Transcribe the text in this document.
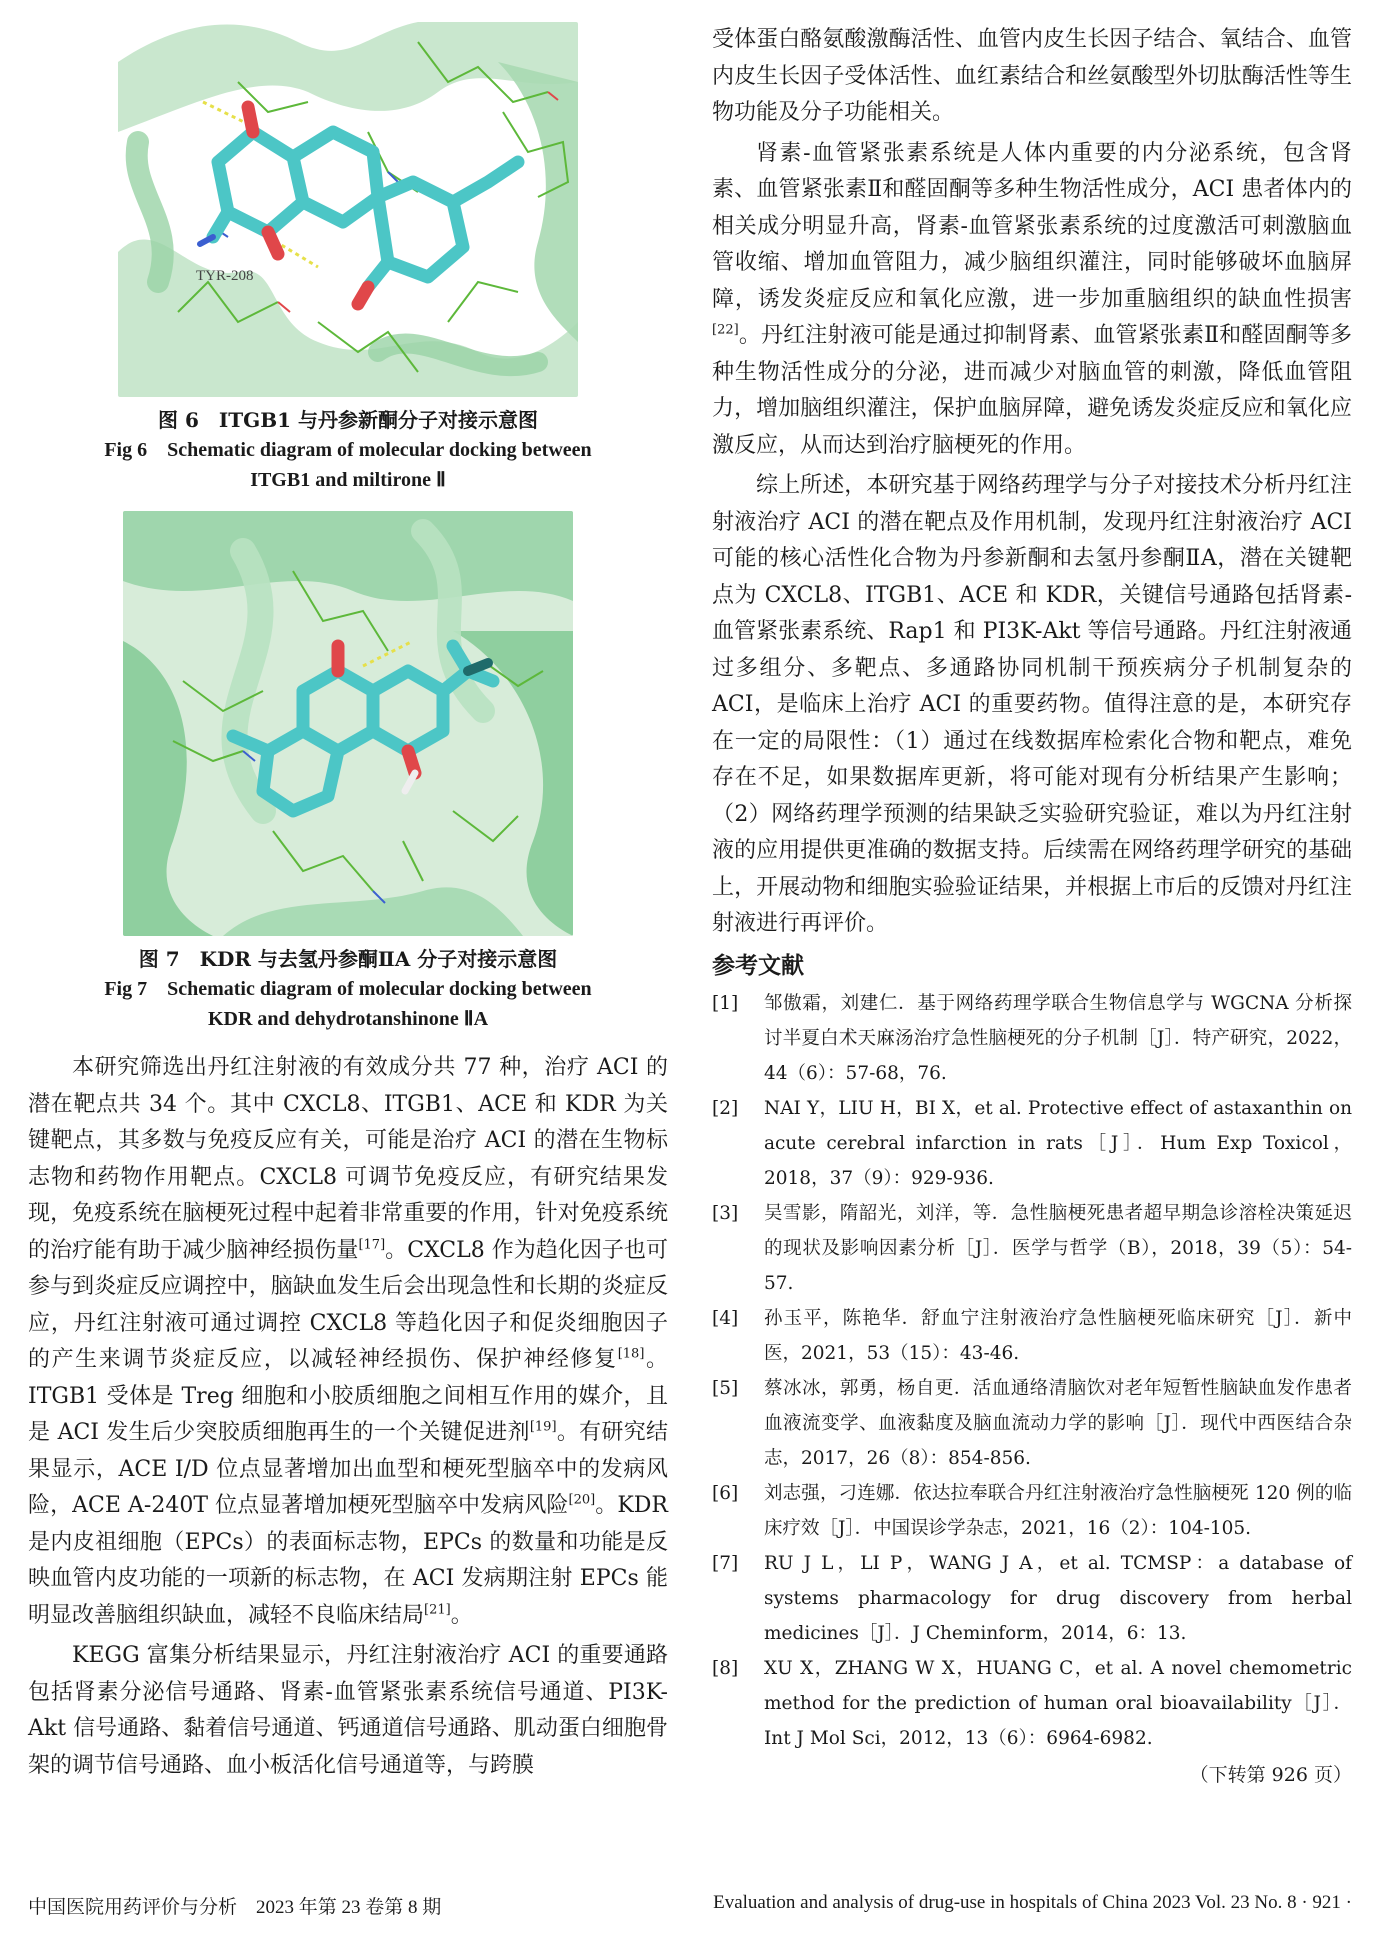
TYR-208
图 6　ITGB1 与丹参新酮分子对接示意图
Fig 6　Schematic diagram of molecular docking between
ITGB1 and miltirone Ⅱ
图 7　KDR 与去氢丹参酮ⅡA 分子对接示意图
Fig 7　Schematic diagram of molecular docking between
KDR and dehydrotanshinone ⅡA

本研究筛选出丹红注射液的有效成分共 77 种，治疗 ACI 的潜在靶点共 34 个。其中 CXCL8、ITGB1、ACE 和 KDR 为关键靶点，其多数与免疫反应有关，可能是治疗 ACI 的潜在生物标志物和药物作用靶点。CXCL8 可调节免疫反应，有研究结果发现，免疫系统在脑梗死过程中起着非常重要的作用，针对免疫系统的治疗能有助于减少脑神经损伤量[17]。CXCL8 作为趋化因子也可参与到炎症反应调控中，脑缺血发生后会出现急性和长期的炎症反应，丹红注射液可通过调控 CXCL8 等趋化因子和促炎细胞因子的产生来调节炎症反应，以减轻神经损伤、保护神经修复[18]。ITGB1 受体是 Treg 细胞和小胶质细胞之间相互作用的媒介，且是 ACI 发生后少突胶质细胞再生的一个关键促进剂[19]。有研究结果显示，ACE I/D 位点显著增加出血型和梗死型脑卒中的发病风险，ACE A-240T 位点显著增加梗死型脑卒中发病风险[20]。KDR 是内皮祖细胞（EPCs）的表面标志物，EPCs 的数量和功能是反映血管内皮功能的一项新的标志物，在 ACI 发病期注射 EPCs 能明显改善脑组织缺血，减轻不良临床结局[21]。

KEGG 富集分析结果显示，丹红注射液治疗 ACI 的重要通路包括肾素分泌信号通路、肾素-血管紧张素系统信号通道、PI3K-Akt 信号通路、黏着信号通道、钙通道信号通路、肌动蛋白细胞骨架的调节信号通路、血小板活化信号通道等，与跨膜

受体蛋白酪氨酸激酶活性、血管内皮生长因子结合、氧结合、血管内皮生长因子受体活性、血红素结合和丝氨酸型外切肽酶活性等生物功能及分子功能相关。

肾素-血管紧张素系统是人体内重要的内分泌系统，包含肾素、血管紧张素Ⅱ和醛固酮等多种生物活性成分，ACI 患者体内的相关成分明显升高，肾素-血管紧张素系统的过度激活可刺激脑血管收缩、增加血管阻力，减少脑组织灌注，同时能够破坏血脑屏障，诱发炎症反应和氧化应激，进一步加重脑组织的缺血性损害[22]。丹红注射液可能是通过抑制肾素、血管紧张素Ⅱ和醛固酮等多种生物活性成分的分泌，进而减少对脑血管的刺激，降低血管阻力，增加脑组织灌注，保护血脑屏障，避免诱发炎症反应和氧化应激反应，从而达到治疗脑梗死的作用。

综上所述，本研究基于网络药理学与分子对接技术分析丹红注射液治疗 ACI 的潜在靶点及作用机制，发现丹红注射液治疗 ACI 可能的核心活性化合物为丹参新酮和去氢丹参酮ⅡA，潜在关键靶点为 CXCL8、ITGB1、ACE 和 KDR，关键信号通路包括肾素-血管紧张素系统、Rap1 和 PI3K-Akt 等信号通路。丹红注射液通过多组分、多靶点、多通路协同机制干预疾病分子机制复杂的 ACI，是临床上治疗 ACI 的重要药物。值得注意的是，本研究存在一定的局限性：（1）通过在线数据库检索化合物和靶点，难免存在不足，如果数据库更新，将可能对现有分析结果产生影响；（2）网络药理学预测的结果缺乏实验研究验证，难以为丹红注射液的应用提供更准确的数据支持。后续需在网络药理学研究的基础上，开展动物和细胞实验验证结果，并根据上市后的反馈对丹红注射液进行再评价。

参考文献
[1]	邹傲霜，刘建仁．基于网络药理学联合生物信息学与 WGCNA 分析探讨半夏白术天麻汤治疗急性脑梗死的分子机制［J］．特产研究，2022，44（6）：57-68，76.
[2]	NAI Y，LIU H，BI X，et al. Protective effect of astaxanthin on acute cerebral infarction in rats［J］．Hum Exp Toxicol，2018，37（9）：929-936.
[3]	吴雪影，隋韶光，刘洋，等．急性脑梗死患者超早期急诊溶栓决策延迟的现状及影响因素分析［J］．医学与哲学（B），2018，39（5）：54-57.
[4]	孙玉平，陈艳华．舒血宁注射液治疗急性脑梗死临床研究［J］．新中医，2021，53（15）：43-46.
[5]	蔡冰冰，郭勇，杨自更．活血通络清脑饮对老年短暂性脑缺血发作患者血液流变学、血液黏度及脑血流动力学的影响［J］．现代中西医结合杂志，2017，26（8）：854-856.
[6]	刘志强，刁连娜．依达拉奉联合丹红注射液治疗急性脑梗死 120 例的临床疗效［J］．中国误诊学杂志，2021，16（2）：104-105.
[7]	RU J L，LI P，WANG J A，et al. TCMSP：a database of systems pharmacology for drug discovery from herbal medicines［J］．J Cheminform，2014，6：13.
[8]	XU X，ZHANG W X，HUANG C，et al. A novel chemometric method for the prediction of human oral bioavailability［J］．Int J Mol Sci，2012，13（6）：6964-6982.
（下转第 926 页）
中国医院用药评价与分析　2023 年第 23 卷第 8 期	Evaluation and analysis of drug-use in hospitals of China 2023 Vol. 23 No. 8 · 921 ·
